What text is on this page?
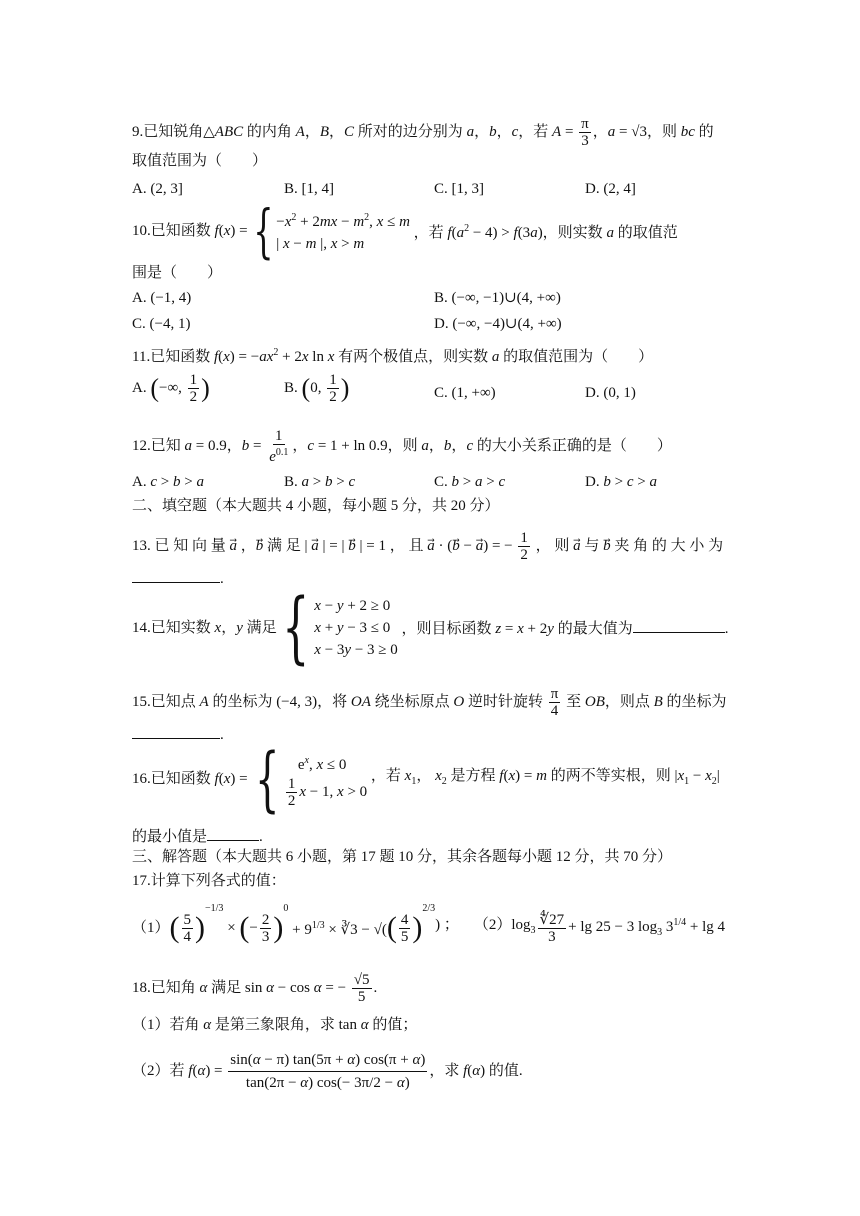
9.已知锐角△ABC 的内角 A，B，C 所对的边分别为 a，b，c，若 $A = \frac{\pi}{3}$ ，a = √3，则 bc 的
取值范围为（　　）
A. (2, 3]	B. [1, 4]	C. [1, 3]	D. (2, 4]
10.已知函数 f(x) = { $-x^2 + 2mx - m^2$, x ≤ m
| x − m |, x > m
，若 $f(a^2 - 4) > f(3a)$，则实数 a 的取值范
围是（　　）
A. (−1, 4)	B. (−∞, −1)∪(4, +∞)
C. (−4, 1)	D. (−∞, −4)∪(4, +∞)
11.已知函数 $f(x) = -ax^2 + 2x$ ln x 有两个极值点，则实数 a 的取值范围为（　　）
A. (−∞, $\frac{1}{2}$ )	B. (0, $\frac{1}{2}$ )	C. (1, +∞)	D. (0, 1)
12.已知 a = 0.9，$b = \frac{1}{e^{0.1}}$ ，c = 1 + ln 0.9，则 a，b，c 的大小关系正确的是（　　）
A. c > b > a	B. a > b > c	C. b > a > c	D. b > c > a
二、填空题（本大题共 4 小题，每小题 5 分，共 20 分）
13. 已 知 向 量 a⃗ ，b⃗ 满 足 | a⃗ | = | b⃗ | = 1 ， 且 a⃗ · (b⃗ − a⃗) = − $\frac{1}{2}$ ， 则 a⃗ 与 b⃗ 夹 角 的 大 小 为
.
14.已知实数 x，y 满足 { x − y + 2 ≥ 0
x + y − 3 ≤ 0
x − 3y − 3 ≥ 0
，则目标函数 z = x + 2y 的最大值为	.
15.已知点 A 的坐标为 (−4, 3)，将 OA 绕坐标原点 O 逆时针旋转 $\frac{\pi}{4}$ 至 OB，则点 B 的坐标为
.
16.已知函数 f(x) = {	$e^x$, x ≤ 0
$\frac{1}{2}$ x − 1, x > 0
，若 $x_1$， $x_2$ 是方程 f(x) = m 的两不等实根，则 $|x_1 - x_2|$
的最小值是	.
三、解答题（本大题共 6 小题，第 17 题 10 分，其余各题每小题 12 分，共 70 分）
17.计算下列各式的值：
（1） ( $\frac{5}{4}$ )
−1/3
× ( − $\frac{2}{3}$ )
0
+ $9^{1/3}$ × ∛3 − √( ( $\frac{4}{5}$ )
2/3
) ；    $(2)\log_3 \frac{∜27}{3} + \lg 25 - 3$ $\log_3 3^{1/4} + \lg 4$
18.已知角 α 满足 sin α − cos α = − $\frac{√5}{5}$ .
（1）若角 α 是第三象限角，求 tan α 的值；
（2）若 $f(\alpha) = \frac{\sin(\alpha - \pi) \tan(5\pi + \alpha) \cos(\pi + \alpha)}{\tan(2\pi - \alpha) \cos(- 3\pi/2 - \alpha)}$ ，求 f(α) 的值.
